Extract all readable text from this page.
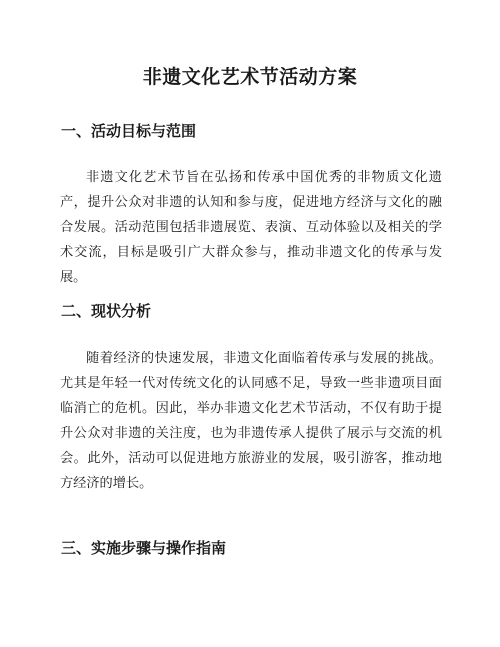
非遗文化艺术节活动方案
一、活动目标与范围

非遗文化艺术节旨在弘扬和传承中国优秀的非物质文化遗产，提升公众对非遗的认知和参与度，促进地方经济与文化的融合发展。活动范围包括非遗展览、表演、互动体验以及相关的学术交流，目标是吸引广大群众参与，推动非遗文化的传承与发展。

二、现状分析

随着经济的快速发展，非遗文化面临着传承与发展的挑战。尤其是年轻一代对传统文化的认同感不足，导致一些非遗项目面临消亡的危机。因此，举办非遗文化艺术节活动，不仅有助于提升公众对非遗的关注度，也为非遗传承人提供了展示与交流的机会。此外，活动可以促进地方旅游业的发展，吸引游客，推动地方经济的增长。

三、实施步骤与操作指南
